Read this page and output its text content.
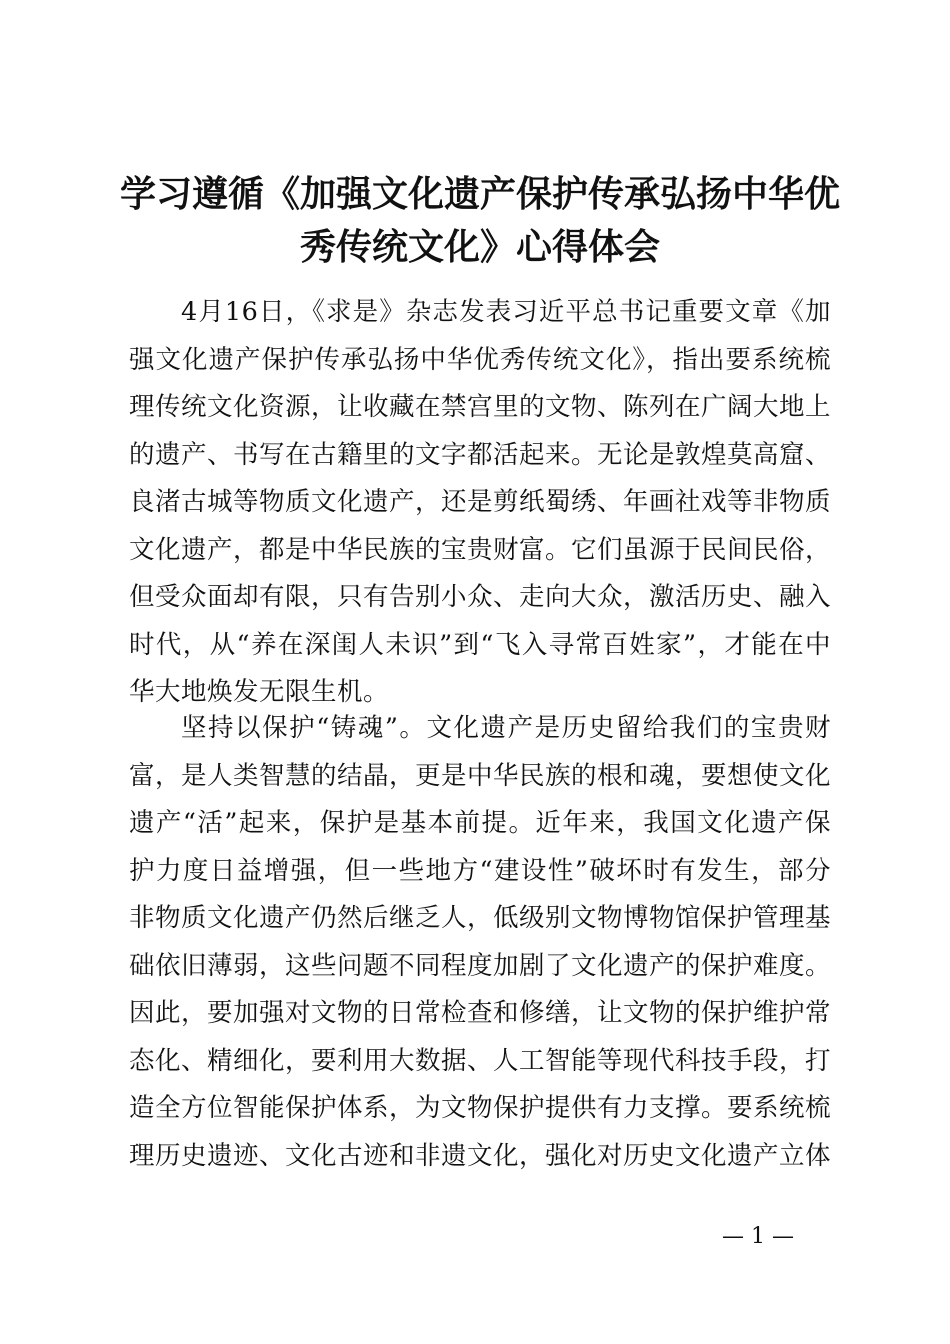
学习遵循《加强文化遗产保护传承弘扬中华优
秀传统文化》心得体会

4月16日，《求是》杂志发表习近平总书记重要文章《加强文化遗产保护传承弘扬中华优秀传统文化》，指出要系统梳理传统文化资源，让收藏在禁宫里的文物、陈列在广阔大地上的遗产、书写在古籍里的文字都活起来。无论是敦煌莫高窟、良渚古城等物质文化遗产，还是剪纸蜀绣、年画社戏等非物质文化遗产，都是中华民族的宝贵财富。它们虽源于民间民俗，但受众面却有限，只有告别小众、走向大众，激活历史、融入时代，从“养在深闺人未识”到“飞入寻常百姓家”，才能在中华大地焕发无限生机。

坚持以保护“铸魂”。文化遗产是历史留给我们的宝贵财富，是人类智慧的结晶，更是中华民族的根和魂，要想使文化遗产“活”起来，保护是基本前提。近年来，我国文化遗产保护力度日益增强，但一些地方“建设性”破坏时有发生，部分非物质文化遗产仍然后继乏人，低级别文物博物馆保护管理基础依旧薄弱，这些问题不同程度加剧了文化遗产的保护难度。因此，要加强对文物的日常检查和修缮，让文物的保护维护常态化、精细化，要利用大数据、人工智能等现代科技手段，打造全方位智能保护体系，为文物保护提供有力支撑。要系统梳理历史遗迹、文化古迹和非遗文化，强化对历史文化遗产立体

— 1 —
